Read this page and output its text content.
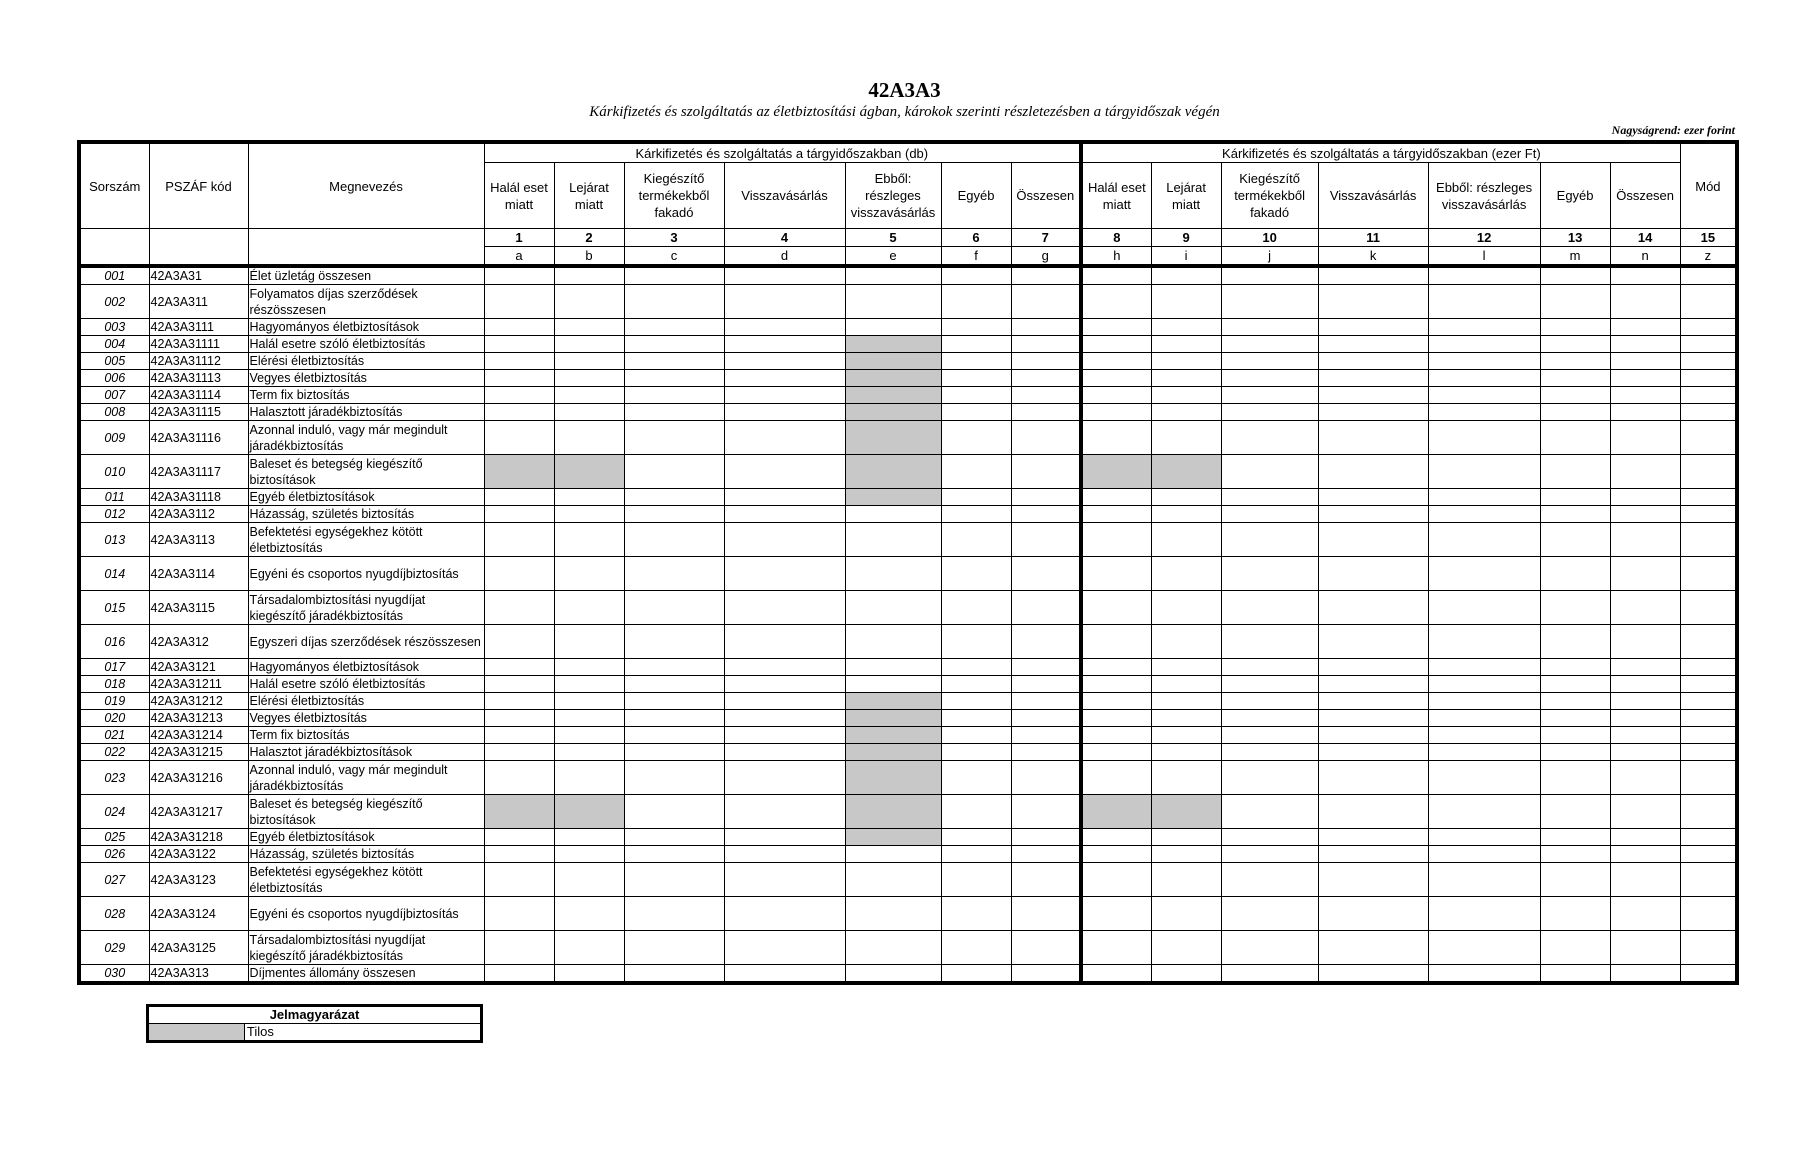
42A3A3
Kárkifizetés és szolgáltatás az életbiztosítási ágban, károkok szerinti részletezésben a tárgyidőszak végén
Nagyságrend: ezer forint
Sorszám	PSZÁF kód	Megnevezés	Kárkifizetés és szolgáltatás a tárgyidőszakban (db)							Kárkifizetés és szolgáltatás a tárgyidőszakban (ezer Ft)							Mód
			Halál eset miatt	Lejárat miatt	Kiegészítő termékekből fakadó	Visszavásárlás	Ebből: részleges visszavásárlás	Egyéb	Összesen	Halál eset miatt	Lejárat miatt	Kiegészítő termékekből fakadó	Visszavásárlás	Ebből: részleges visszavásárlás	Egyéb	Összesen	
			1	2	3	4	5	6	7	8	9	10	11	12	13	14	15
			a	b	c	d	e	f	g	h	i	j	k	l	m	n	z
001	42A3A31	Élet üzletág összesen															
002	42A3A311	Folyamatos díjas szerződések részösszesen															
003	42A3A3111	Hagyományos életbiztosítások															
004	42A3A31111	Halál esetre szóló életbiztosítás															
005	42A3A31112	Elérési életbiztosítás															
006	42A3A31113	Vegyes életbiztosítás															
007	42A3A31114	Term fix biztosítás															
008	42A3A31115	Halasztott járadékbiztosítás															
009	42A3A31116	Azonnal induló, vagy már megindult járadékbiztosítás															
010	42A3A31117	Baleset és betegség kiegészítő biztosítások															
011	42A3A31118	Egyéb életbiztosítások															
012	42A3A3112	Házasság, születés biztosítás															
013	42A3A3113	Befektetési egységekhez kötött életbiztosítás															
014	42A3A3114	Egyéni és csoportos nyugdíjbiztosítás															
015	42A3A3115	Társadalombiztosítási nyugdíjat kiegészítő járadékbiztosítás															
016	42A3A312	Egyszeri díjas szerződések részösszesen															
017	42A3A3121	Hagyományos életbiztosítások															
018	42A3A31211	Halál esetre szóló életbiztosítás															
019	42A3A31212	Elérési életbiztosítás															
020	42A3A31213	Vegyes életbiztosítás															
021	42A3A31214	Term fix biztosítás															
022	42A3A31215	Halasztot járadékbiztosítások															
023	42A3A31216	Azonnal induló, vagy már megindult járadékbiztosítás															
024	42A3A31217	Baleset és betegség kiegészítő biztosítások															
025	42A3A31218	Egyéb életbiztosítások															
026	42A3A3122	Házasság, születés biztosítás															
027	42A3A3123	Befektetési egységekhez kötött életbiztosítás															
028	42A3A3124	Egyéni és csoportos nyugdíjbiztosítás															
029	42A3A3125	Társadalombiztosítási nyugdíjat kiegészítő járadékbiztosítás															
030	42A3A313	Díjmentes állomány összesen															
Jelmagyarázat
	Tilos
